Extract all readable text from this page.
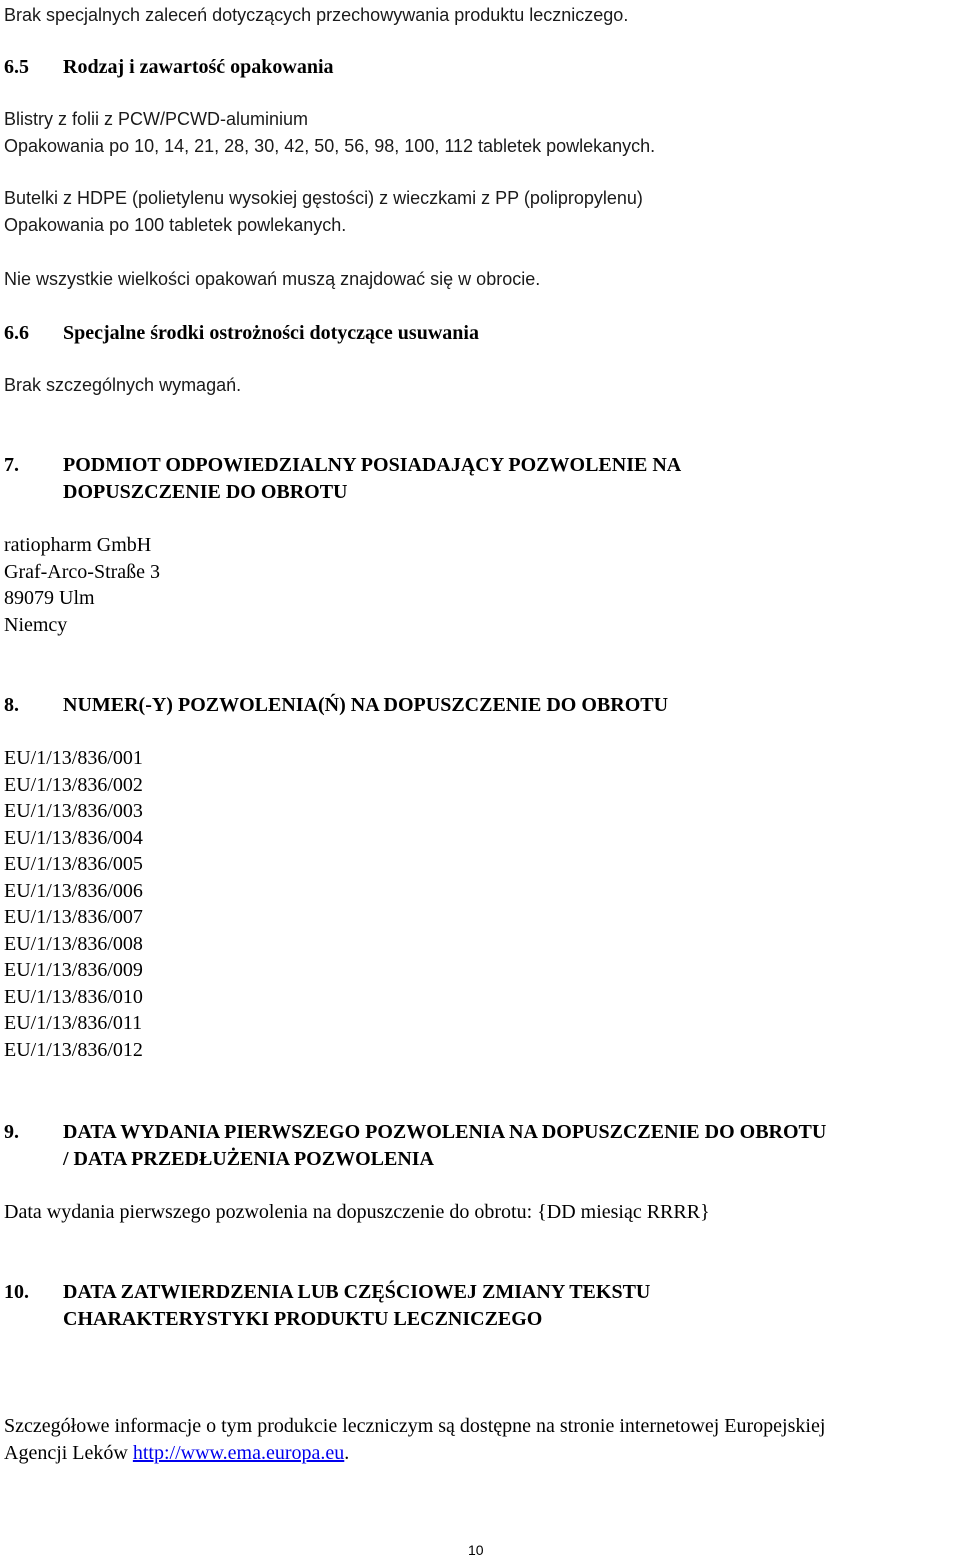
Brak specjalnych zaleceń dotyczących przechowywania produktu leczniczego.
6.5 Rodzaj i zawartość opakowania
Blistry z folii z PCW/PCWD-aluminium
Opakowania po 10, 14, 21, 28, 30, 42, 50, 56, 98, 100, 112 tabletek powlekanych.
Butelki z HDPE (polietylenu wysokiej gęstości) z wieczkami z PP (polipropylenu)
Opakowania po 100 tabletek powlekanych.
Nie wszystkie wielkości opakowań muszą znajdować się w obrocie.
6.6 Specjalne środki ostrożności dotyczące usuwania
Brak szczególnych wymagań.
7. PODMIOT ODPOWIEDZIALNY POSIADAJĄCY POZWOLENIE NA
DOPUSZCZENIE DO OBROTU
ratiopharm GmbH
Graf-Arco-Straße 3
89079 Ulm
Niemcy
8. NUMER(-Y) POZWOLENIA(Ń) NA DOPUSZCZENIE DO OBROTU
EU/1/13/836/001
EU/1/13/836/002
EU/1/13/836/003
EU/1/13/836/004
EU/1/13/836/005
EU/1/13/836/006
EU/1/13/836/007
EU/1/13/836/008
EU/1/13/836/009
EU/1/13/836/010
EU/1/13/836/011
EU/1/13/836/012
9. DATA WYDANIA PIERWSZEGO POZWOLENIA NA DOPUSZCZENIE DO OBROTU
/ DATA PRZEDŁUŻENIA POZWOLENIA
Data wydania pierwszego pozwolenia na dopuszczenie do obrotu: {DD miesiąc RRRR}
10. DATA ZATWIERDZENIA LUB CZĘŚCIOWEJ ZMIANY TEKSTU
CHARAKTERYSTYKI PRODUKTU LECZNICZEGO
Szczegółowe informacje o tym produkcie leczniczym są dostępne na stronie internetowej Europejskiej
Agencji Leków http://www.ema.europa.eu.
10
